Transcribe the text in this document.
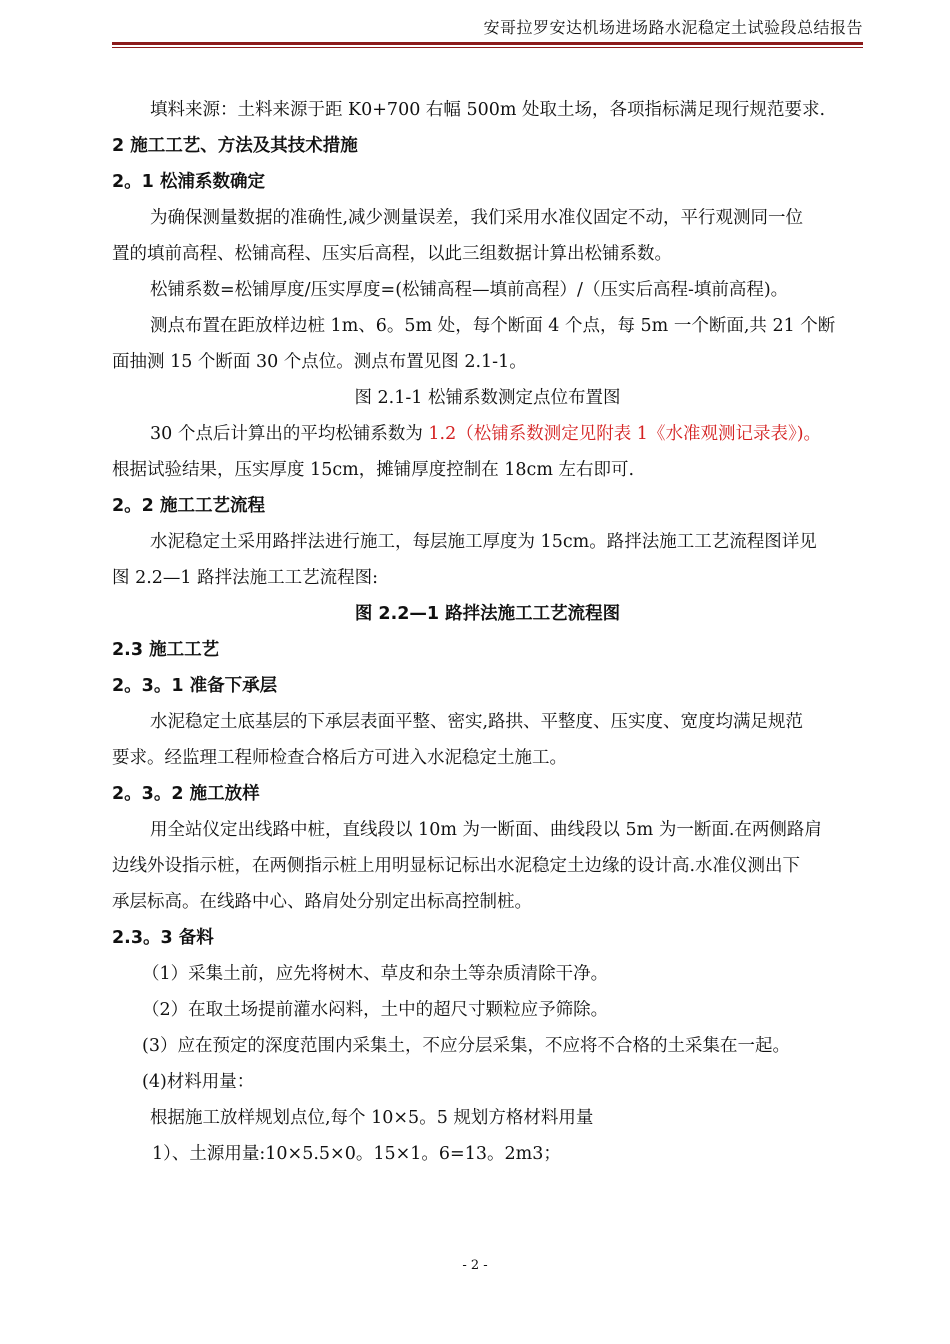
安哥拉罗安达机场进场路水泥稳定土试验段总结报告
填料来源：土料来源于距 K0+700 右幅 500m 处取土场，各项指标满足现行规范要求.
2 施工工艺、方法及其技术措施
2。1 松浦系数确定
为确保测量数据的准确性,减少测量误差，我们采用水准仪固定不动，平行观测同一位
置的填前高程、松铺高程、压实后高程，以此三组数据计算出松铺系数。
松铺系数=松铺厚度/压实厚度=(松铺高程—填前高程）/（压实后高程-填前高程)。
测点布置在距放样边桩 1m、6。5m 处，每个断面 4 个点，每 5m 一个断面,共 21 个断
面抽测 15 个断面 30 个点位。测点布置见图 2.1-1。
图 2.1-1 松铺系数测定点位布置图
30 个点后计算出的平均松铺系数为 1.2（松铺系数测定见附表 1《水准观测记录表》)。
根据试验结果，压实厚度 15cm，摊铺厚度控制在 18cm 左右即可.
2。2 施工工艺流程
水泥稳定土采用路拌法进行施工，每层施工厚度为 15cm。路拌法施工工艺流程图详见
图 2.2—1 路拌法施工工艺流程图:
图 2.2—1 路拌法施工工艺流程图
2.3 施工工艺
2。3。1 准备下承层
水泥稳定土底基层的下承层表面平整、密实,路拱、平整度、压实度、宽度均满足规范
要求。经监理工程师检查合格后方可进入水泥稳定土施工。
2。3。2 施工放样
用全站仪定出线路中桩，直线段以 10m 为一断面、曲线段以 5m 为一断面.在两侧路肩
边线外设指示桩，在两侧指示桩上用明显标记标出水泥稳定土边缘的设计高.水准仪测出下
承层标高。在线路中心、路肩处分别定出标高控制桩。
2.3。3 备料
（1）采集土前，应先将树木、草皮和杂土等杂质清除干净。
（2）在取土场提前灌水闷料，土中的超尺寸颗粒应予筛除。
(3）应在预定的深度范围内采集土，不应分层采集，不应将不合格的土采集在一起。
(4)材料用量：
根据施工放样规划点位,每个 10×5。5 规划方格材料用量
1）、土源用量:10×5.5×0。15×1。6=13。2m3；
- 2 -
